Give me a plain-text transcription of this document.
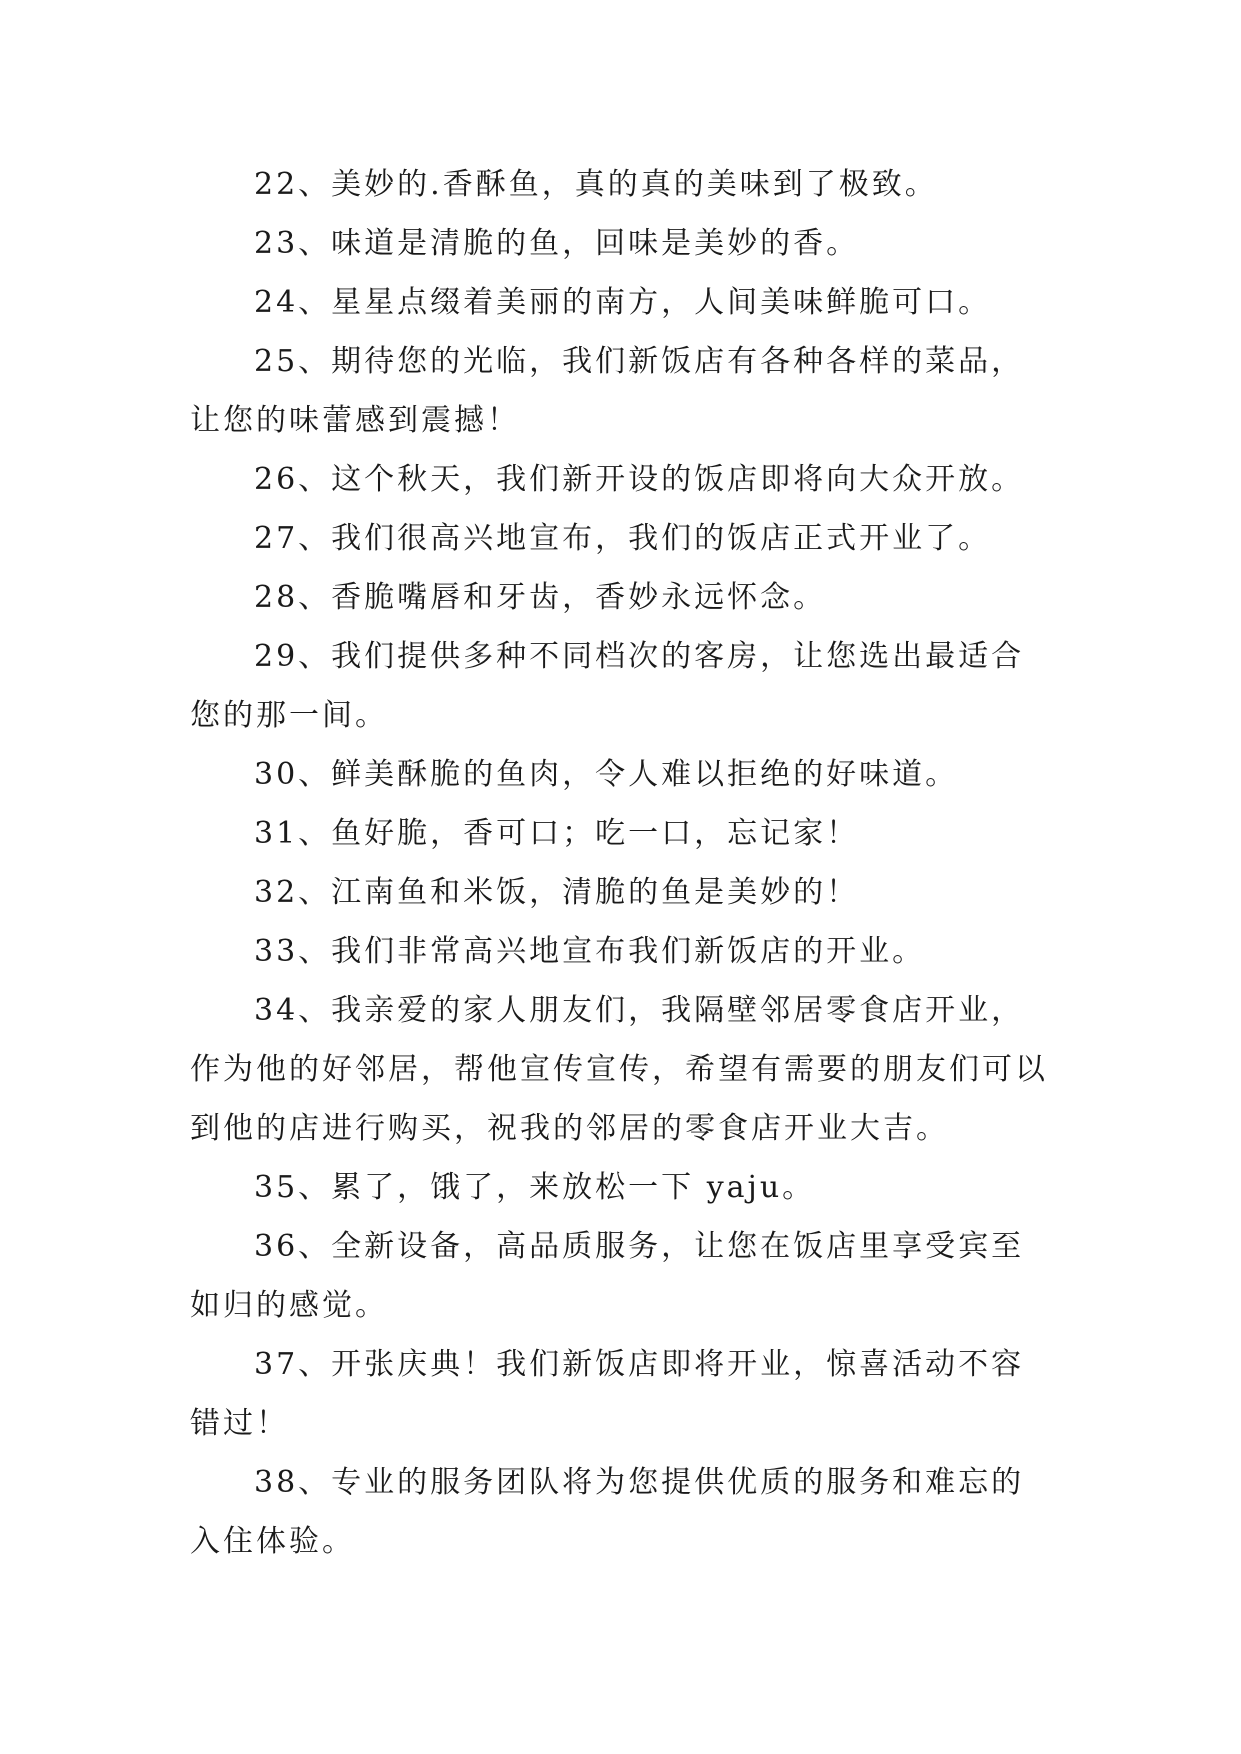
22、美妙的.香酥鱼，真的真的美味到了极致。

23、味道是清脆的鱼，回味是美妙的香。

24、星星点缀着美丽的南方，人间美味鲜脆可口。

25、期待您的光临，我们新饭店有各种各样的菜品，让您的味蕾感到震撼！

26、这个秋天，我们新开设的饭店即将向大众开放。

27、我们很高兴地宣布，我们的饭店正式开业了。

28、香脆嘴唇和牙齿，香妙永远怀念。

29、我们提供多种不同档次的客房，让您选出最适合您的那一间。

30、鲜美酥脆的鱼肉，令人难以拒绝的好味道。

31、鱼好脆，香可口；吃一口，忘记家！

32、江南鱼和米饭，清脆的鱼是美妙的！

33、我们非常高兴地宣布我们新饭店的开业。

34、我亲爱的家人朋友们，我隔壁邻居零食店开业，作为他的好邻居，帮他宣传宣传，希望有需要的朋友们可以到他的店进行购买，祝我的邻居的零食店开业大吉。

35、累了，饿了，来放松一下 yaju。

36、全新设备，高品质服务，让您在饭店里享受宾至如归的感觉。

37、开张庆典！我们新饭店即将开业，惊喜活动不容错过！

38、专业的服务团队将为您提供优质的服务和难忘的入住体验。
